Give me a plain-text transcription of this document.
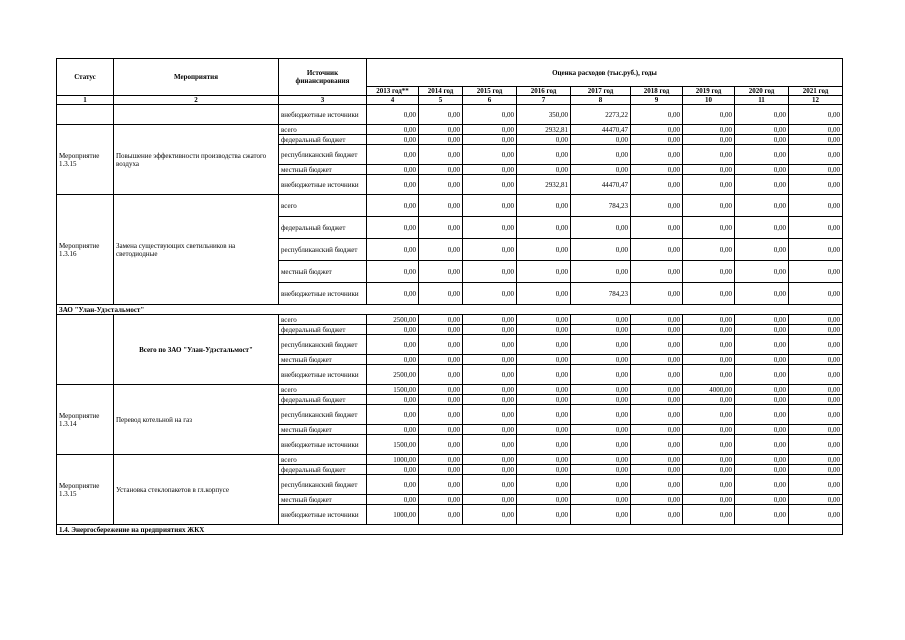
Статус	Мероприятия	Источник финансирования	Оценка расходов (тыс.руб.), годы								
			2013 год**	2014 год	2015 год	2016 год	2017 год	2018 год	2019 год	2020 год	2021 год
1	2	3	4	5	6	7	8	9	10	11	12
		внебюджетные источники	0,00	0,00	0,00	350,00	2273,22	0,00	0,00	0,00	0,00
Мероприятие 1.3.15	Повышение эффективности производства сжатого воздуха	всего	0,00	0,00	0,00	2932,81	44470,47	0,00	0,00	0,00	0,00
		федеральный бюджет	0,00	0,00	0,00	0,00	0,00	0,00	0,00	0,00	0,00
		республиканский бюджет	0,00	0,00	0,00	0,00	0,00	0,00	0,00	0,00	0,00
		местный бюджет	0,00	0,00	0,00	0,00	0,00	0,00	0,00	0,00	0,00
		внебюджетные источники	0,00	0,00	0,00	2932,81	44470,47	0,00	0,00	0,00	0,00
Мероприятие 1.3.16	Замена существующих светильников на светодиодные	всего	0,00	0,00	0,00	0,00	784,23	0,00	0,00	0,00	0,00
		федеральный бюджет	0,00	0,00	0,00	0,00	0,00	0,00	0,00	0,00	0,00
		республиканский бюджет	0,00	0,00	0,00	0,00	0,00	0,00	0,00	0,00	0,00
		местный бюджет	0,00	0,00	0,00	0,00	0,00	0,00	0,00	0,00	0,00
		внебюджетные источники	0,00	0,00	0,00	0,00	784,23	0,00	0,00	0,00	0,00
ЗАО "Улан-Удэстальмост"											
	Всего по ЗАО "Улан-Удэстальмост"	всего	2500,00	0,00	0,00	0,00	0,00	0,00	0,00	0,00	0,00
		федеральный бюджет	0,00	0,00	0,00	0,00	0,00	0,00	0,00	0,00	0,00
		республиканский бюджет	0,00	0,00	0,00	0,00	0,00	0,00	0,00	0,00	0,00
		местный бюджет	0,00	0,00	0,00	0,00	0,00	0,00	0,00	0,00	0,00
		внебюджетные источники	2500,00	0,00	0,00	0,00	0,00	0,00	0,00	0,00	0,00
Мероприятие 1.3.14	Перевод котельной на газ	всего	1500,00	0,00	0,00	0,00	0,00	0,00	4000,00	0,00	0,00
		федеральный бюджет	0,00	0,00	0,00	0,00	0,00	0,00	0,00	0,00	0,00
		республиканский бюджет	0,00	0,00	0,00	0,00	0,00	0,00	0,00	0,00	0,00
		местный бюджет	0,00	0,00	0,00	0,00	0,00	0,00	0,00	0,00	0,00
		внебюджетные источники	1500,00	0,00	0,00	0,00	0,00	0,00	0,00	0,00	0,00
Мероприятие 1.3.15	Установка стеклопакетов в гл.корпусе	всего	1000,00	0,00	0,00	0,00	0,00	0,00	0,00	0,00	0,00
		федеральный бюджет	0,00	0,00	0,00	0,00	0,00	0,00	0,00	0,00	0,00
		республиканский бюджет	0,00	0,00	0,00	0,00	0,00	0,00	0,00	0,00	0,00
		местный бюджет	0,00	0,00	0,00	0,00	0,00	0,00	0,00	0,00	0,00
		внебюджетные источники	1000,00	0,00	0,00	0,00	0,00	0,00	0,00	0,00	0,00
1.4. Энергосбережение на предприятиях ЖКХ											
